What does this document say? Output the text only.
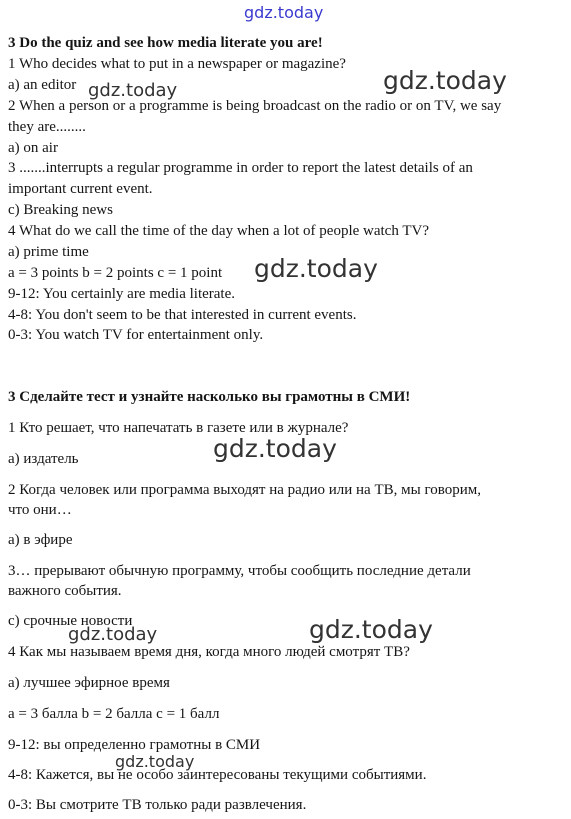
gdz.today
gdz.today
gdz.today
gdz.today
gdz.today
gdz.today
gdz.today
gdz.today
3 Do the quiz and see how media literate you are!
1 Who decides what to put in a newspaper or magazine?
a) an editor
2 When a person or a programme is being broadcast on the radio or on TV, we say
they are........
a) on air
3 .......interrupts a regular programme in order to report the latest details of an
important current event.
c) Breaking news
4 What do we call the time of the day when a lot of people watch TV?
a) prime time
a = 3 points b = 2 points c = 1 point
9-12: You certainly are media literate.
4-8: You don't seem to be that interested in current events.
0-3: You watch TV for entertainment only.
3 Сделайте тест и узнайте насколько вы грамотны в СМИ!
1 Кто решает, что напечатать в газете или в журнале?
а) издатель
2 Когда человек или программа выходят на радио или на ТВ, мы говорим,
что они…
а) в эфире
3… прерывают обычную программу, чтобы сообщить последние детали
важного события.
с) срочные новости
4 Как мы называем время дня, когда много людей смотрят ТВ?
а) лучшее эфирное время
а = 3 балла b = 2 балла с = 1 балл
9-12: вы определенно грамотны в СМИ
4-8: Кажется, вы не особо заинтересованы текущими событиями.
0-3: Вы смотрите ТВ только ради развлечения.
